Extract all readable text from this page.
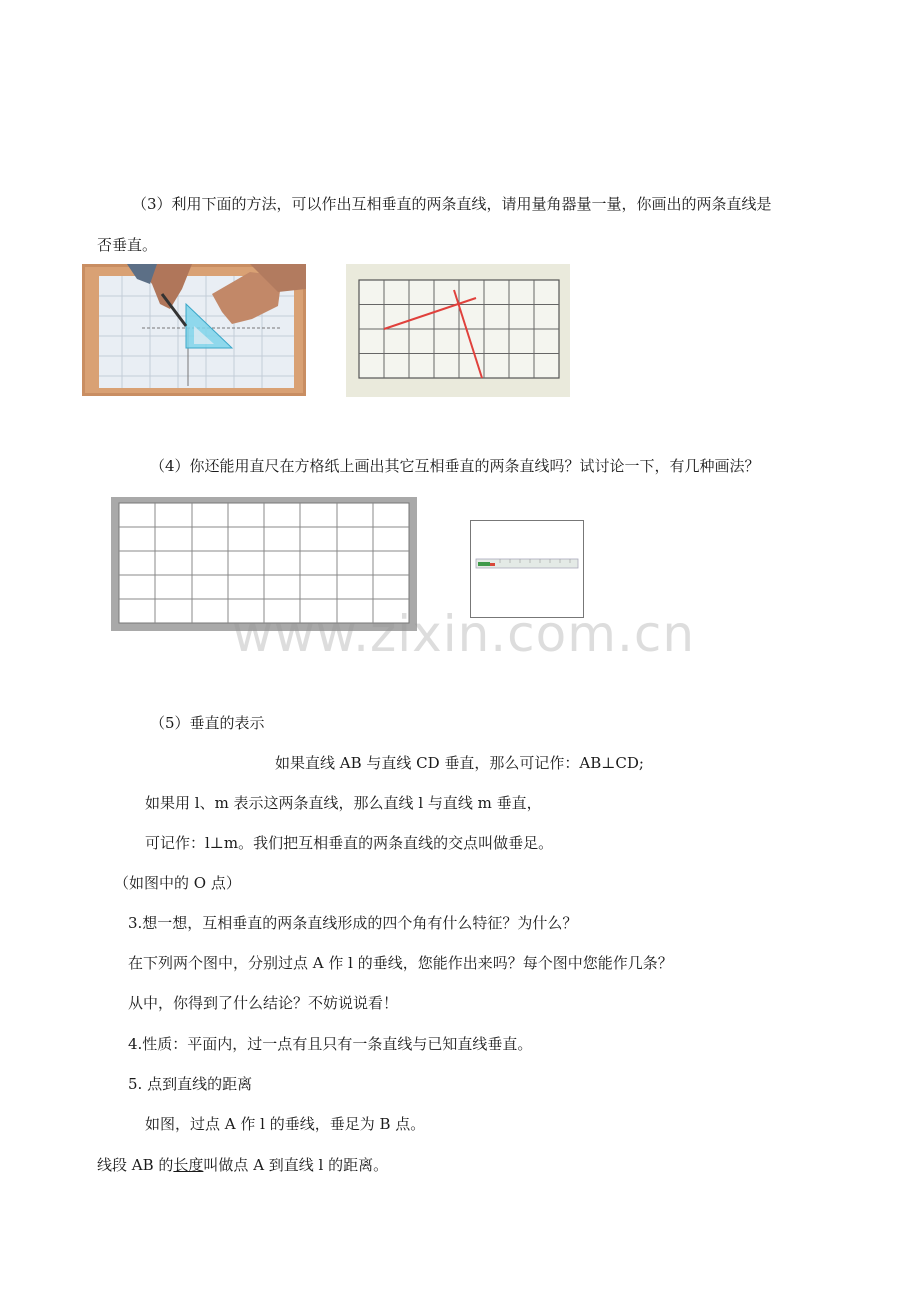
（3）利用下面的方法，可以作出互相垂直的两条直线，请用量角器量一量，你画出的两条直线是
否垂直。
（4）你还能用直尺在方格纸上画出其它互相垂直的两条直线吗？试讨论一下，有几种画法？
www.zixin.com.cn
（5）垂直的表示
如果直线 AB 与直线 CD 垂直，那么可记作：AB⊥CD;
如果用 l、m 表示这两条直线，那么直线 l 与直线 m 垂直，
可记作：l⊥m。我们把互相垂直的两条直线的交点叫做垂足。
（如图中的 O 点）
3.想一想，互相垂直的两条直线形成的四个角有什么特征？为什么？
在下列两个图中，分别过点 A 作 l 的垂线，您能作出来吗？每个图中您能作几条？
从中，你得到了什么结论？不妨说说看！
4.性质：平面内，过一点有且只有一条直线与已知直线垂直。
5. 点到直线的距离
如图，过点 A 作 l 的垂线，垂足为 B 点。
线段 AB 的长度叫做点 A 到直线 l 的距离。
